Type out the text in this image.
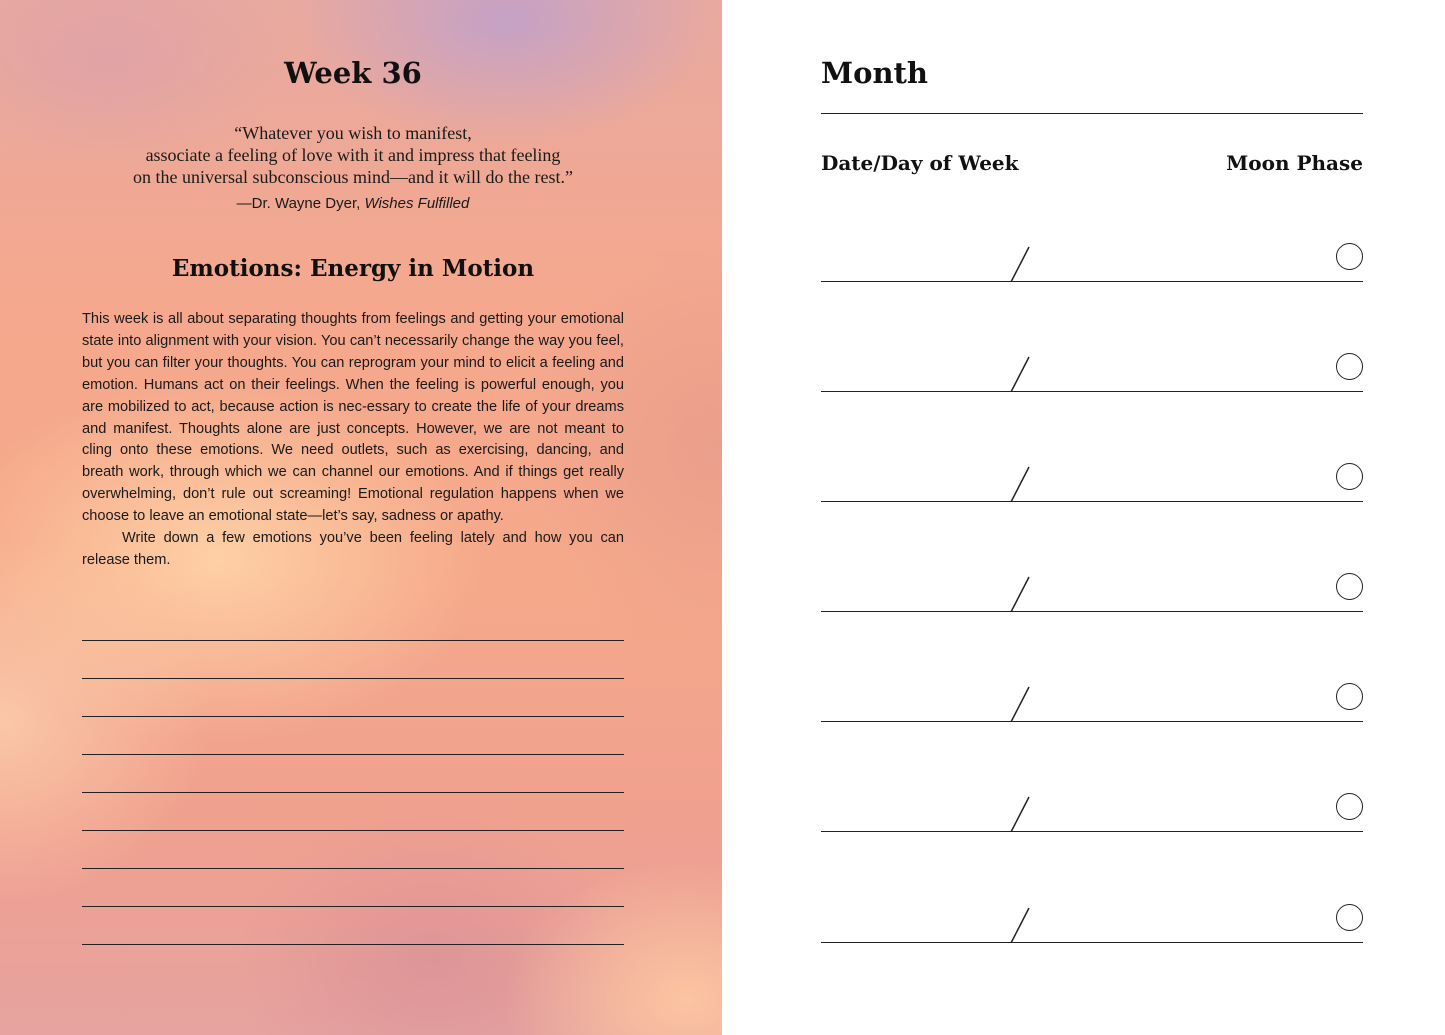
Week 36
“Whatever you wish to manifest,
associate a feeling of love with it and impress that feeling
on the universal subconscious mind—and it will do the rest.”
—Dr. Wayne Dyer, Wishes Fulfilled
Emotions: Energy in Motion

This week is all about separating thoughts from feelings and getting your emotional state into alignment with your vision. You can’t necessarily change the way you feel, but you can filter your thoughts. You can reprogram your mind to elicit a feeling and emotion. Humans act on their feelings. When the feeling is powerful enough, you are mobilized to act, because action is nec-essary to create the life of your dreams and manifest. Thoughts alone are just concepts. However, we are not meant to cling onto these emotions. We need outlets, such as exercising, dancing, and breath work, through which we can channel our emotions. And if things get really overwhelming, don’t rule out screaming! Emotional regulation happens when we choose to leave an emotional state—let’s say, sadness or apathy.

Write down a few emotions you’ve been feeling lately and how you can release them.

Month
Date/Day of Week	Moon Phase
